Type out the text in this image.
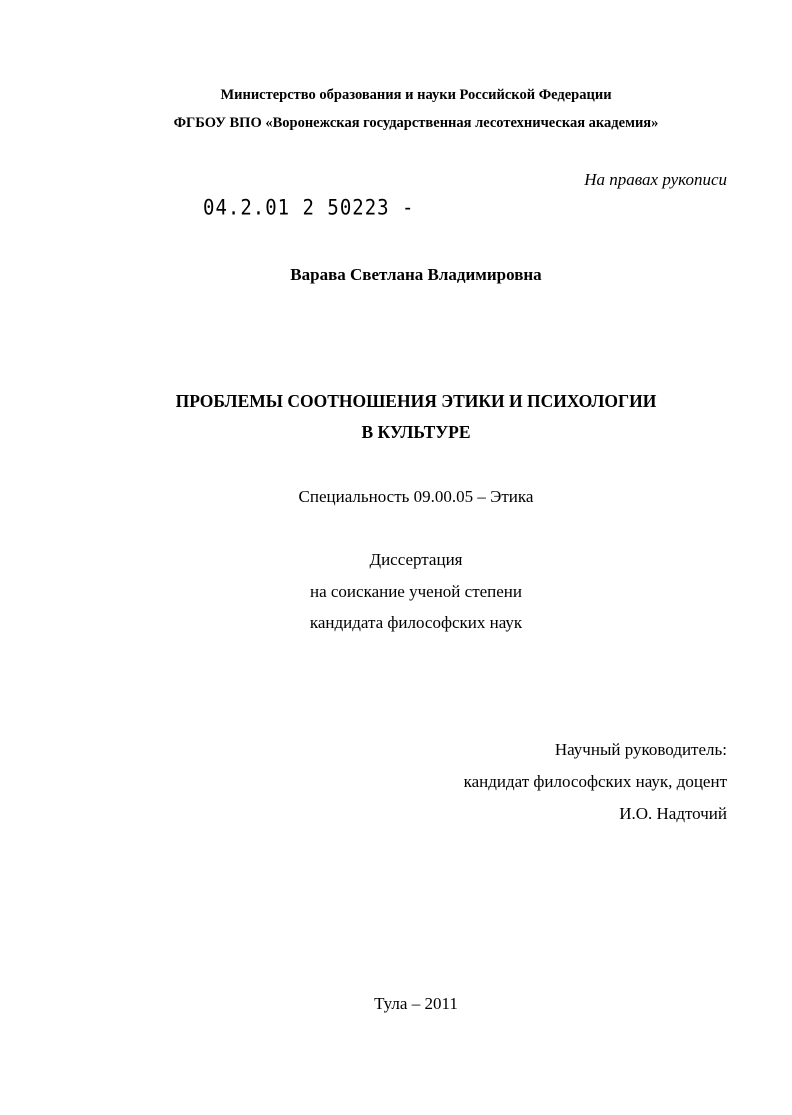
Министерство образования и науки Российской Федерации
ФГБОУ ВПО «Воронежская государственная лесотехническая академия»
На правах рукописи
04.2.01 2 50223 -
Варава Светлана Владимировна
ПРОБЛЕМЫ СООТНОШЕНИЯ ЭТИКИ И ПСИХОЛОГИИ
В КУЛЬТУРЕ
Специальность 09.00.05 – Этика
Диссертация
на соискание ученой степени
кандидата философских наук
Научный руководитель:
кандидат философских наук, доцент
И.О. Надточий
Тула – 2011
